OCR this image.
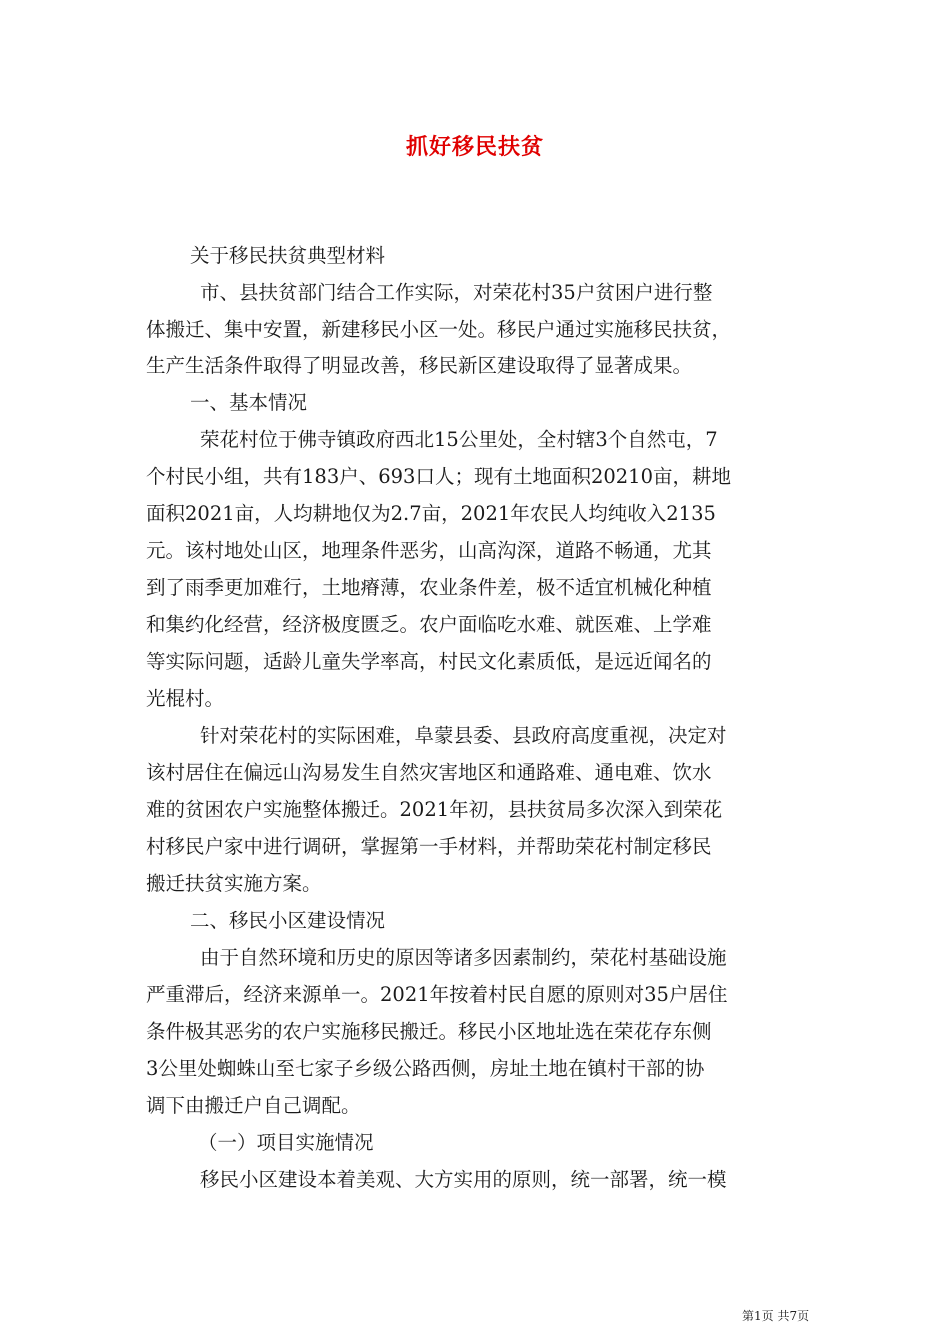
抓好移民扶贫
关于移民扶贫典型材料
市、县扶贫部门结合工作实际，对荣花村35户贫困户进行整
体搬迁、集中安置，新建移民小区一处。移民户通过实施移民扶贫，
生产生活条件取得了明显改善，移民新区建设取得了显著成果。
一、基本情况
荣花村位于佛寺镇政府西北15公里处，全村辖3个自然屯，7
个村民小组，共有183户、693口人；现有土地面积20210亩，耕地
面积2021亩，人均耕地仅为2.7亩，2021年农民人均纯收入2135
元。该村地处山区，地理条件恶劣，山高沟深，道路不畅通，尤其
到了雨季更加难行，土地瘠薄，农业条件差，极不适宜机械化种植
和集约化经营，经济极度匮乏。农户面临吃水难、就医难、上学难
等实际问题，适龄儿童失学率高，村民文化素质低，是远近闻名的
光棍村。
针对荣花村的实际困难，阜蒙县委、县政府高度重视，决定对
该村居住在偏远山沟易发生自然灾害地区和通路难、通电难、饮水
难的贫困农户实施整体搬迁。2021年初，县扶贫局多次深入到荣花
村移民户家中进行调研，掌握第一手材料，并帮助荣花村制定移民
搬迁扶贫实施方案。
二、移民小区建设情况
由于自然环境和历史的原因等诸多因素制约，荣花村基础设施
严重滞后，经济来源单一。2021年按着村民自愿的原则对35户居住
条件极其恶劣的农户实施移民搬迁。移民小区地址选在荣花存东侧
3公里处蜘蛛山至七家子乡级公路西侧，房址土地在镇村干部的协
调下由搬迁户自己调配。
（一）项目实施情况
移民小区建设本着美观、大方实用的原则，统一部署，统一模
第1页 共7页
